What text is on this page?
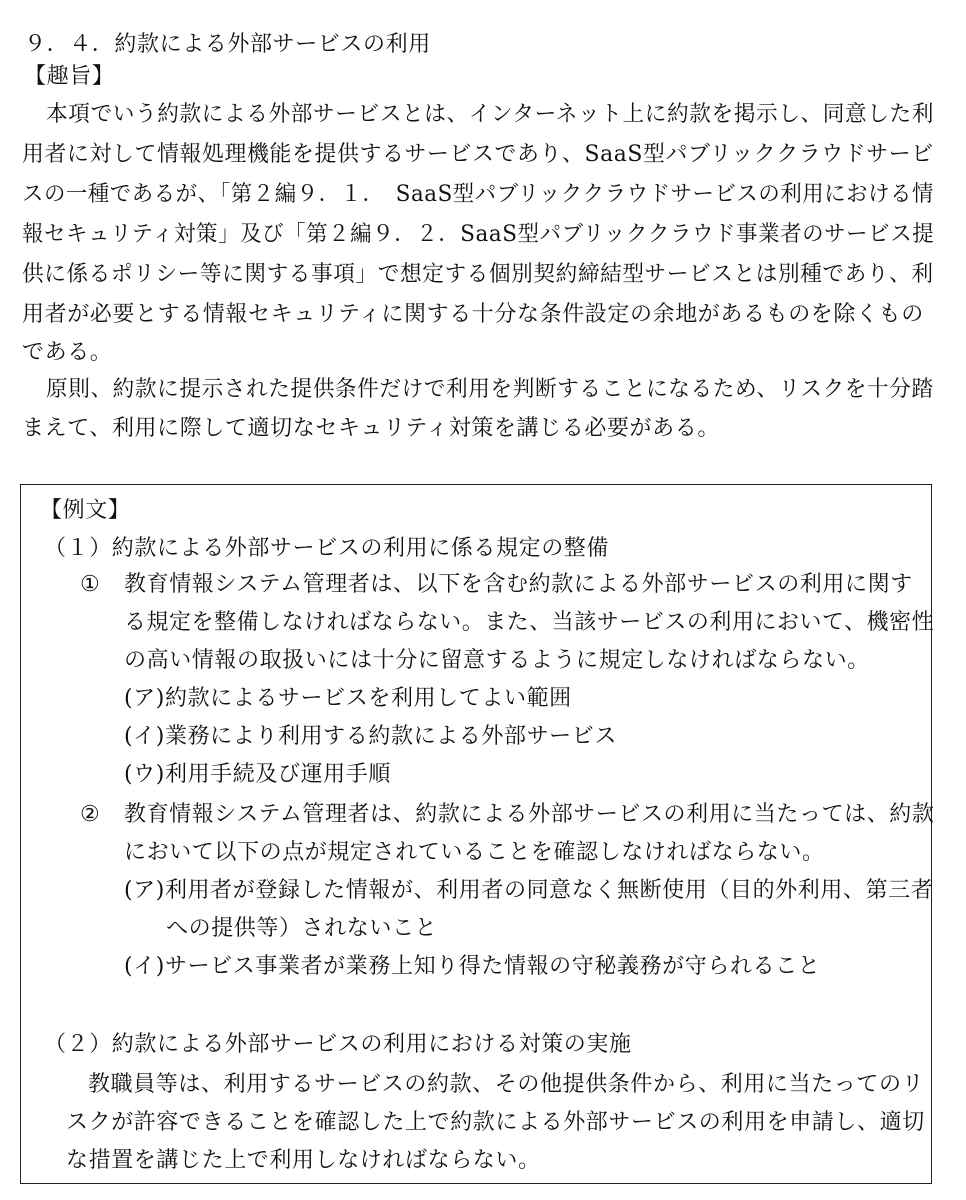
９．４．約款による外部サービスの利用
【趣旨】
本項でいう約款による外部サービスとは、インターネット上に約款を掲示し、同意した利
用者に対して情報処理機能を提供するサービスであり、SaaS型パブリッククラウドサービ
スの一種であるが、「第２編９．１．　SaaS型パブリッククラウドサービスの利用における情
報セキュリティ対策」及び「第２編９．２．SaaS型パブリッククラウド事業者のサービス提
供に係るポリシー等に関する事項」で想定する個別契約締結型サービスとは別種であり、利
用者が必要とする情報セキュリティに関する十分な条件設定の余地があるものを除くもの
である。
原則、約款に提示された提供条件だけで利用を判断することになるため、リスクを十分踏
まえて、利用に際して適切なセキュリティ対策を講じる必要がある。
【例文】
（１）約款による外部サービスの利用に係る規定の整備
① 教育情報システム管理者は、以下を含む約款による外部サービスの利用に関す
る規定を整備しなければならない。また、当該サービスの利用において、機密性
の高い情報の取扱いには十分に留意するように規定しなければならない。
(ア)約款によるサービスを利用してよい範囲
(イ)業務により利用する約款による外部サービス
(ウ)利用手続及び運用手順
② 教育情報システム管理者は、約款による外部サービスの利用に当たっては、約款
において以下の点が規定されていることを確認しなければならない。
(ア)利用者が登録した情報が、利用者の同意なく無断使用（目的外利用、第三者
への提供等）されないこと
(イ)サービス事業者が業務上知り得た情報の守秘義務が守られること
（２）約款による外部サービスの利用における対策の実施
教職員等は、利用するサービスの約款、その他提供条件から、利用に当たってのリ
スクが許容できることを確認した上で約款による外部サービスの利用を申請し、適切
な措置を講じた上で利用しなければならない。
